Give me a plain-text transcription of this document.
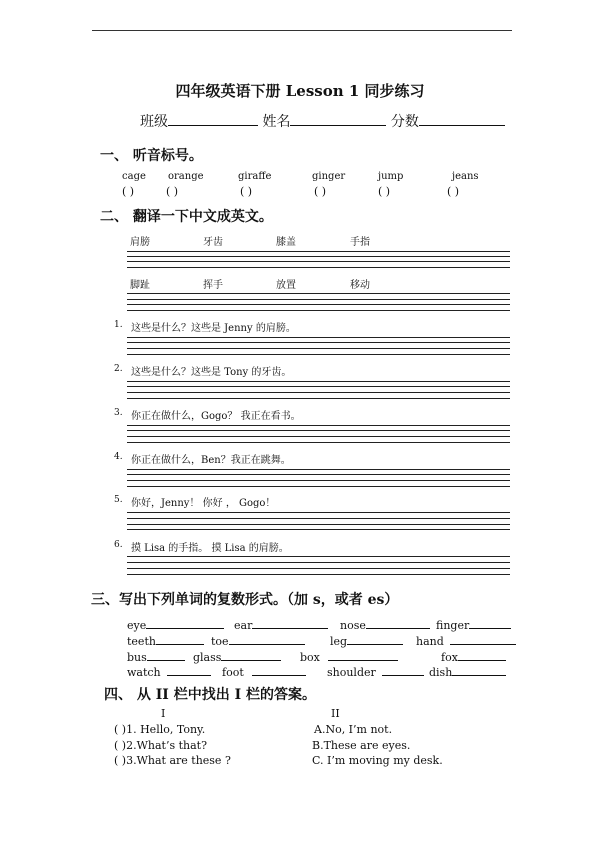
四年级英语下册 Lesson 1 同步练习
班级	姓名	分数
一、 听音标号。
cage orange	giraffe	ginger	jump	jeans
( )	( )	( )	( )	( )	( )
二、 翻译一下中文成英文。
肩膀	牙齿	膝盖	手指
脚趾	挥手	放置	移动
1. 这些是什么？这些是 Jenny 的肩膀。
2. 这些是什么？这些是 Tony 的牙齿。
3. 你正在做什么，Gogo？ 我正在看书。
4. 你正在做什么，Ben？我正在跳舞。
5. 你好，Jenny！ 你好 ， Gogo！
6. 摸 Lisa 的手指。 摸 Lisa 的肩膀。
三、写出下列单词的复数形式。（加 s，或者 es）
eye	ear	nose	finger
teeth	toe	leg	hand
bus	glass	box	fox
watch	foot	shoulder	dish
四、 从 II 栏中找出 I 栏的答案。
I	II
( )1. Hello, Tony.	A.No, I’m not.
( )2.What’s that?	B.These are eyes.
( )3.What are these ?	C. I’m moving my desk.
